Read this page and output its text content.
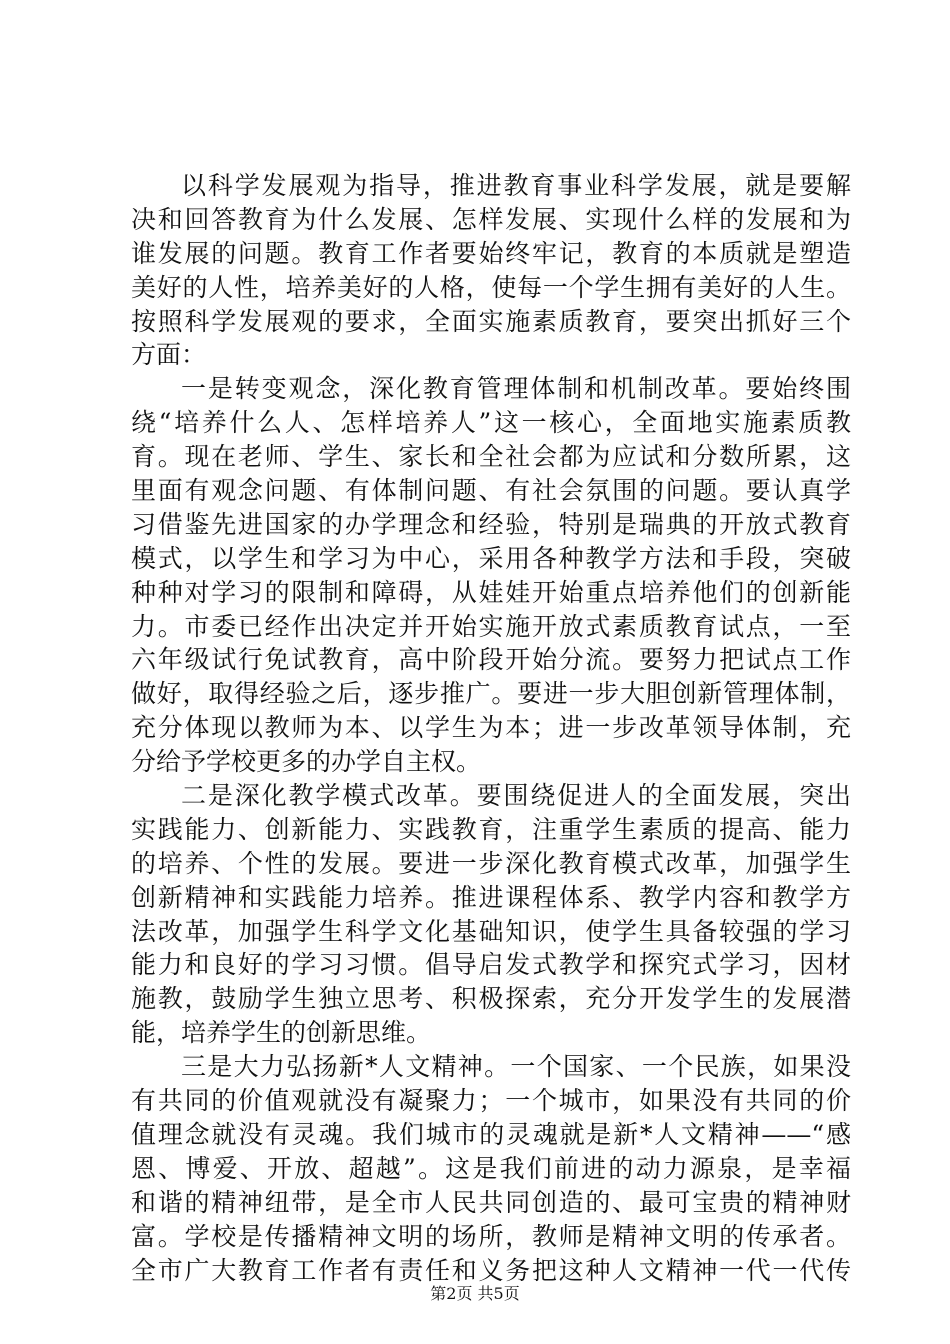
以科学发展观为指导，推进教育事业科学发展，就是要解
决和回答教育为什么发展、怎样发展、实现什么样的发展和为
谁发展的问题。教育工作者要始终牢记，教育的本质就是塑造
美好的人性，培养美好的人格，使每一个学生拥有美好的人生。
按照科学发展观的要求，全面实施素质教育，要突出抓好三个
方面：
一是转变观念，深化教育管理体制和机制改革。要始终围
绕“培养什么人、怎样培养人”这一核心，全面地实施素质教
育。现在老师、学生、家长和全社会都为应试和分数所累，这
里面有观念问题、有体制问题、有社会氛围的问题。要认真学
习借鉴先进国家的办学理念和经验，特别是瑞典的开放式教育
模式，以学生和学习为中心，采用各种教学方法和手段，突破
种种对学习的限制和障碍，从娃娃开始重点培养他们的创新能
力。市委已经作出决定并开始实施开放式素质教育试点，一至
六年级试行免试教育，高中阶段开始分流。要努力把试点工作
做好，取得经验之后，逐步推广。要进一步大胆创新管理体制，
充分体现以教师为本、以学生为本；进一步改革领导体制，充
分给予学校更多的办学自主权。
二是深化教学模式改革。要围绕促进人的全面发展，突出
实践能力、创新能力、实践教育，注重学生素质的提高、能力
的培养、个性的发展。要进一步深化教育模式改革，加强学生
创新精神和实践能力培养。推进课程体系、教学内容和教学方
法改革，加强学生科学文化基础知识，使学生具备较强的学习
能力和良好的学习习惯。倡导启发式教学和探究式学习，因材
施教，鼓励学生独立思考、积极探索，充分开发学生的发展潜
能，培养学生的创新思维。
三是大力弘扬新*人文精神。一个国家、一个民族，如果没
有共同的价值观就没有凝聚力；一个城市，如果没有共同的价
值理念就没有灵魂。我们城市的灵魂就是新*人文精神——“感
恩、博爱、开放、超越”。这是我们前进的动力源泉，是幸福
和谐的精神纽带，是全市人民共同创造的、最可宝贵的精神财
富。学校是传播精神文明的场所，教师是精神文明的传承者。
全市广大教育工作者有责任和义务把这种人文精神一代一代传
第2页 共5页
